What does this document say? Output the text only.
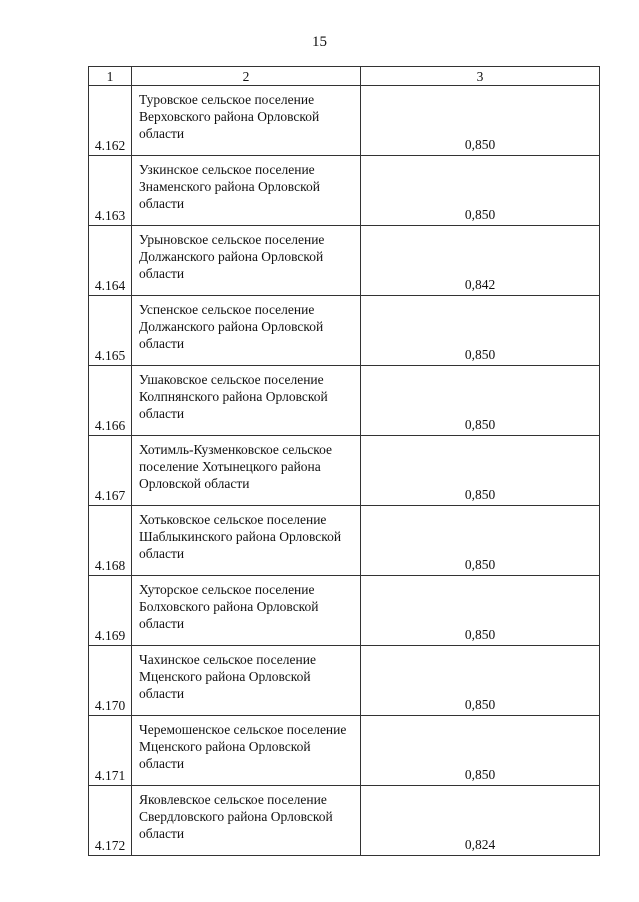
15
1	2	3
4.162	Туровское сельское поселение Верховского района Орловской области	0,850
4.163	Узкинское сельское поселение Знаменского района Орловской области	0,850
4.164	Урыновское сельское поселение Должанского района Орловской области	0,842
4.165	Успенское сельское поселение Должанского района Орловской области	0,850
4.166	Ушаковское сельское поселение Колпнянского района Орловской области	0,850
4.167	Хотимль-Кузменковское сельское поселение Хотынецкого района Орловской области	0,850
4.168	Хотьковское сельское поселение Шаблыкинского района Орловской области	0,850
4.169	Хуторское сельское поселение Болховского района Орловской области	0,850
4.170	Чахинское сельское поселение Мценского района Орловской области	0,850
4.171	Черемошенское сельское поселение Мценского района Орловской области	0,850
4.172	Яковлевское сельское поселение Свердловского района Орловской области	0,824
